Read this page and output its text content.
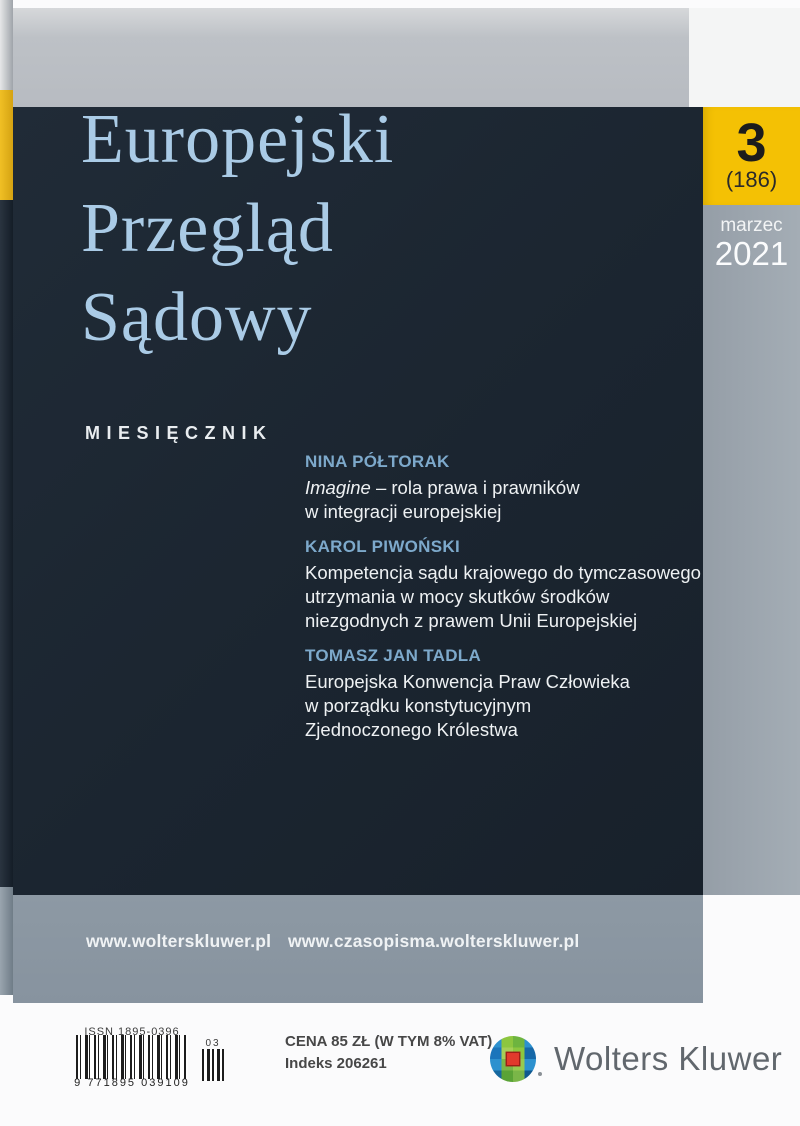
3
(186)
marzec
2021
Europejski
Przegląd
Sądowy
MIESIĘCZNIK
NINA PÓŁTORAK
Imagine – rola prawa i prawników
w integracji europejskiej
KAROL PIWOŃSKI
Kompetencja sądu krajowego do tymczasowego
utrzymania w mocy skutków środków
niezgodnych z prawem Unii Europejskiej
TOMASZ JAN TADLA
Europejska Konwencja Praw Człowieka
w porządku konstytucyjnym
Zjednoczonego Królestwa
www.wolterskluwer.pl www.czasopisma.wolterskluwer.pl
ISSN 1895-0396
9 771895 039109
03	CENA 85 ZŁ (W TYM 8% VAT)
Indeks 206261	Wolters Kluwer
